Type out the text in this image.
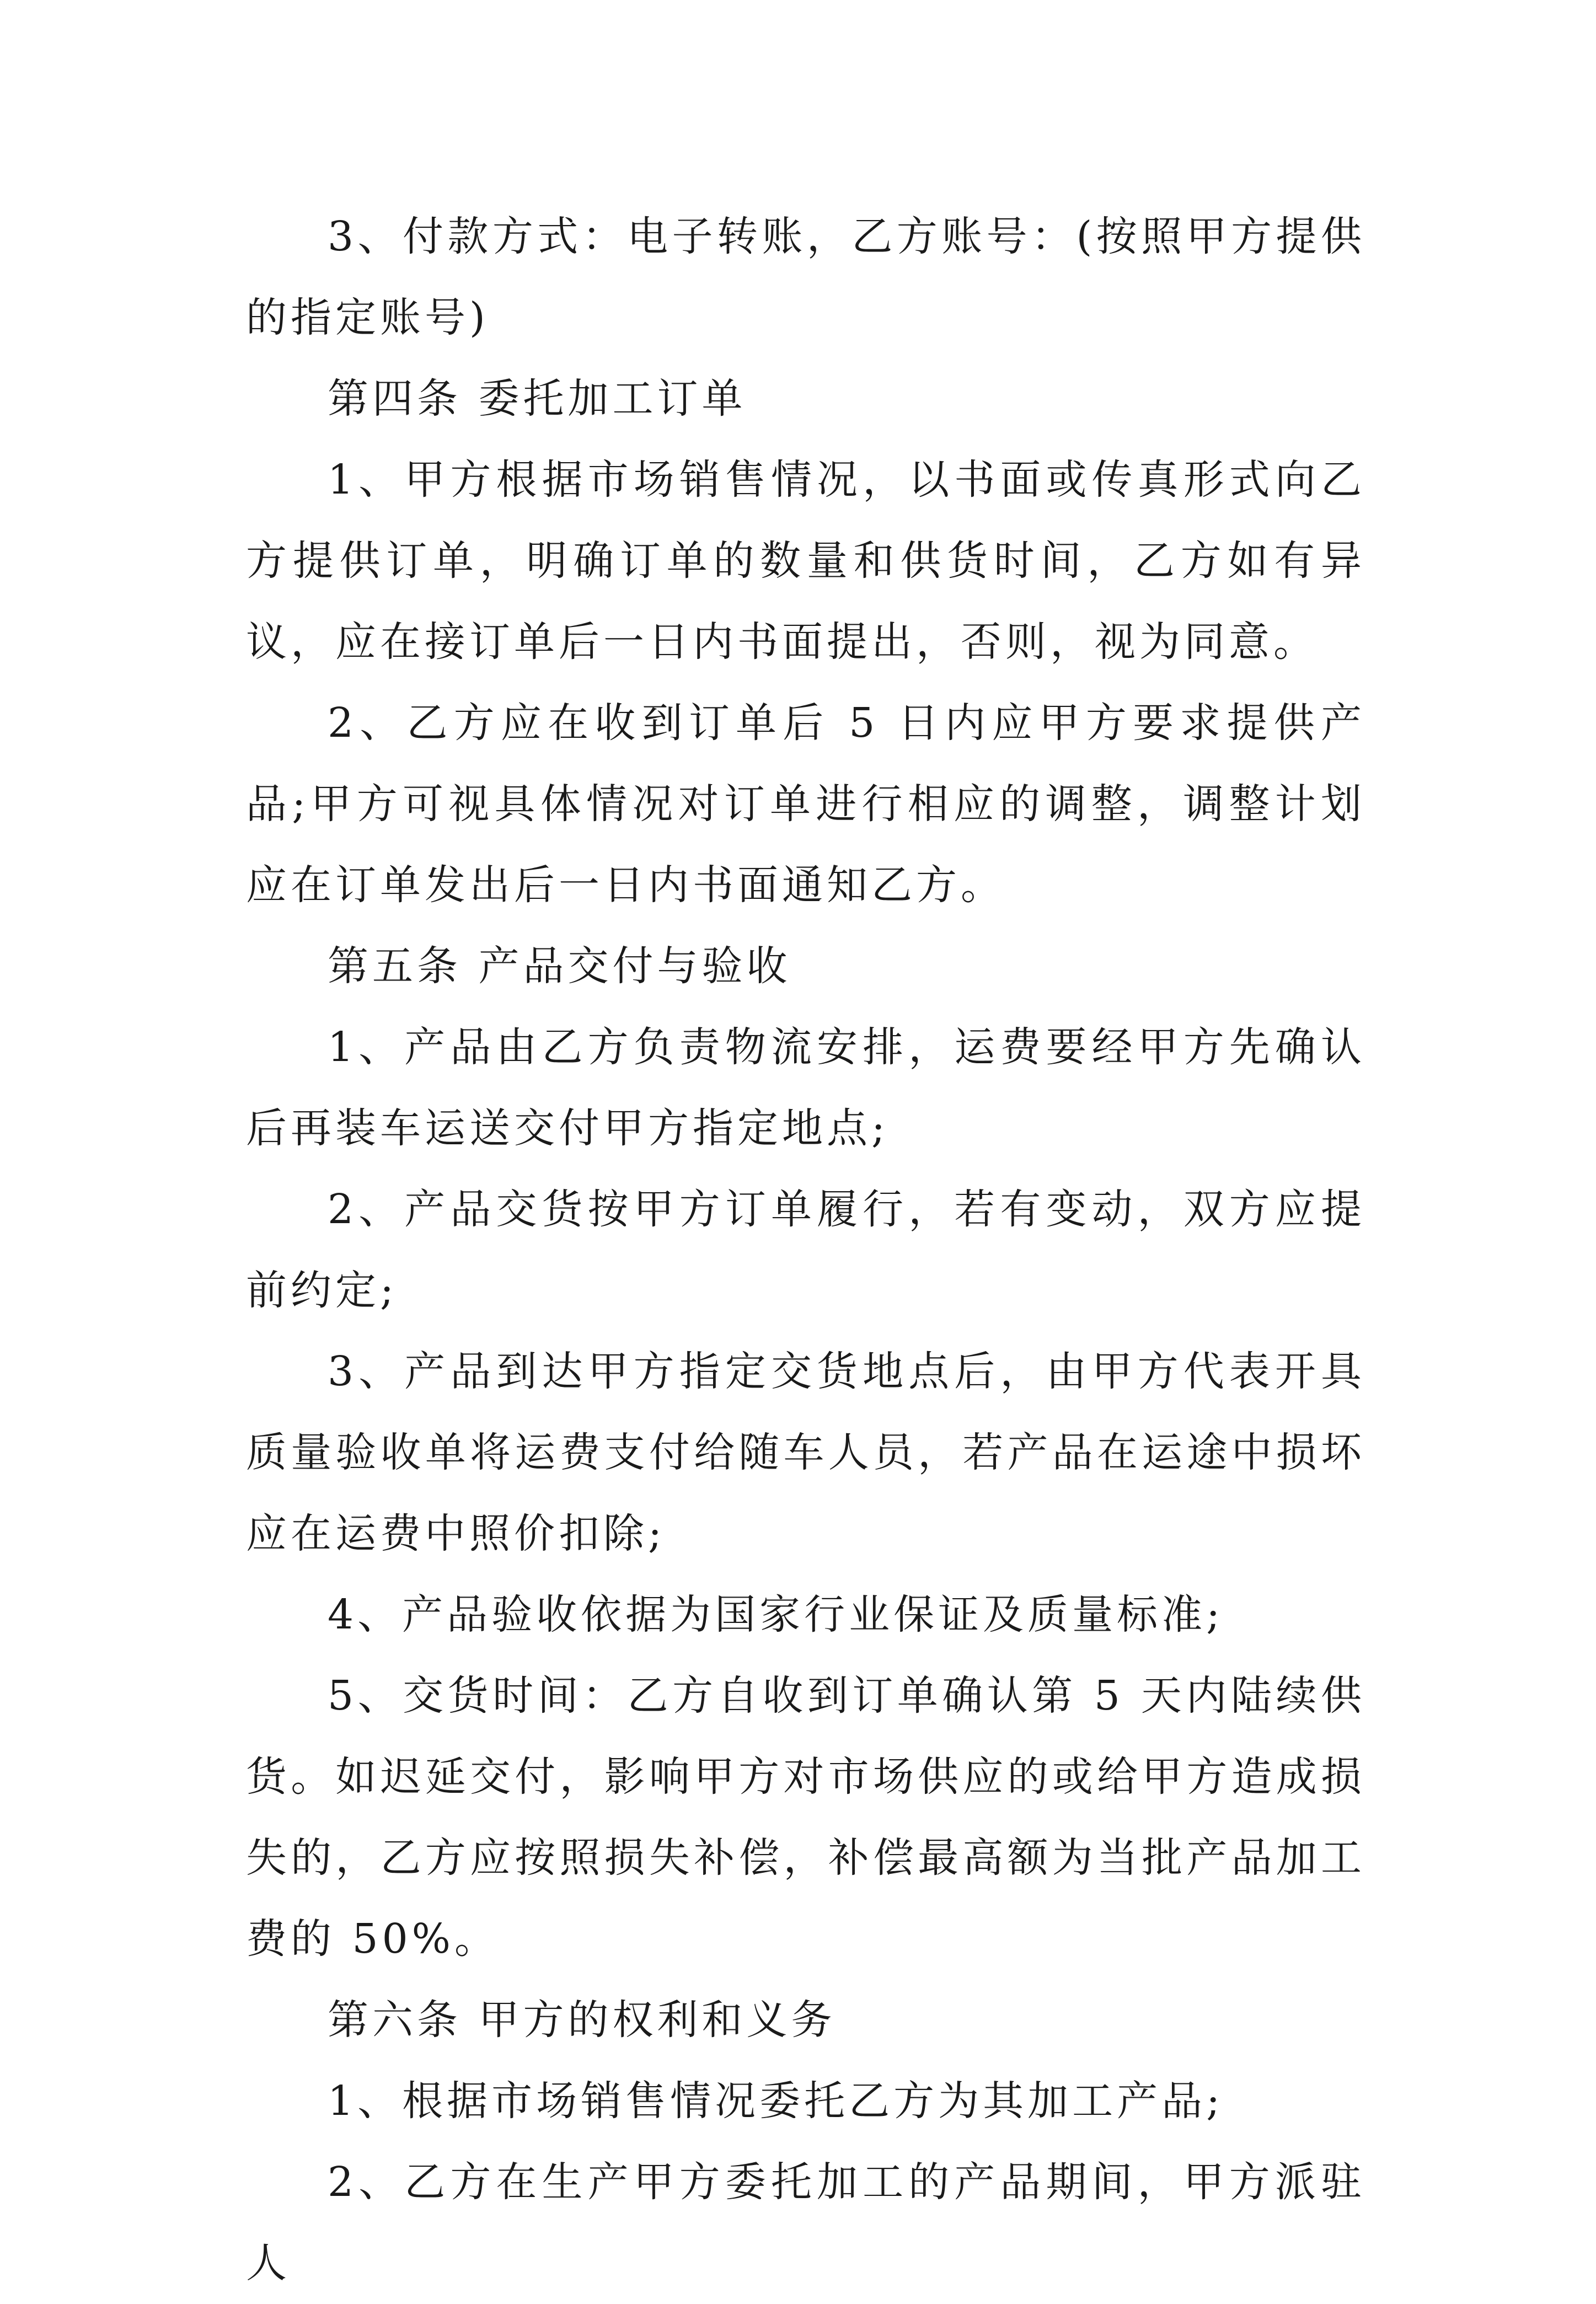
3、付款方式：电子转账，乙方账号：(按照甲方提供的指定账号)

第四条 委托加工订单

1、甲方根据市场销售情况，以书面或传真形式向乙方提供订单，明确订单的数量和供货时间，乙方如有异议，应在接订单后一日内书面提出，否则，视为同意。

2、乙方应在收到订单后 5 日内应甲方要求提供产品;甲方可视具体情况对订单进行相应的调整，调整计划应在订单发出后一日内书面通知乙方。

第五条 产品交付与验收

1、产品由乙方负责物流安排，运费要经甲方先确认后再装车运送交付甲方指定地点;

2、产品交货按甲方订单履行，若有变动，双方应提前约定;

3、产品到达甲方指定交货地点后，由甲方代表开具质量验收单将运费支付给随车人员，若产品在运途中损坏应在运费中照价扣除;

4、产品验收依据为国家行业保证及质量标准;

5、交货时间：乙方自收到订单确认第 5 天内陆续供货。如迟延交付，影响甲方对市场供应的或给甲方造成损失的，乙方应按照损失补偿，补偿最高额为当批产品加工费的 50%。

第六条 甲方的权利和义务

1、根据市场销售情况委托乙方为其加工产品;

2、乙方在生产甲方委托加工的产品期间，甲方派驻人
